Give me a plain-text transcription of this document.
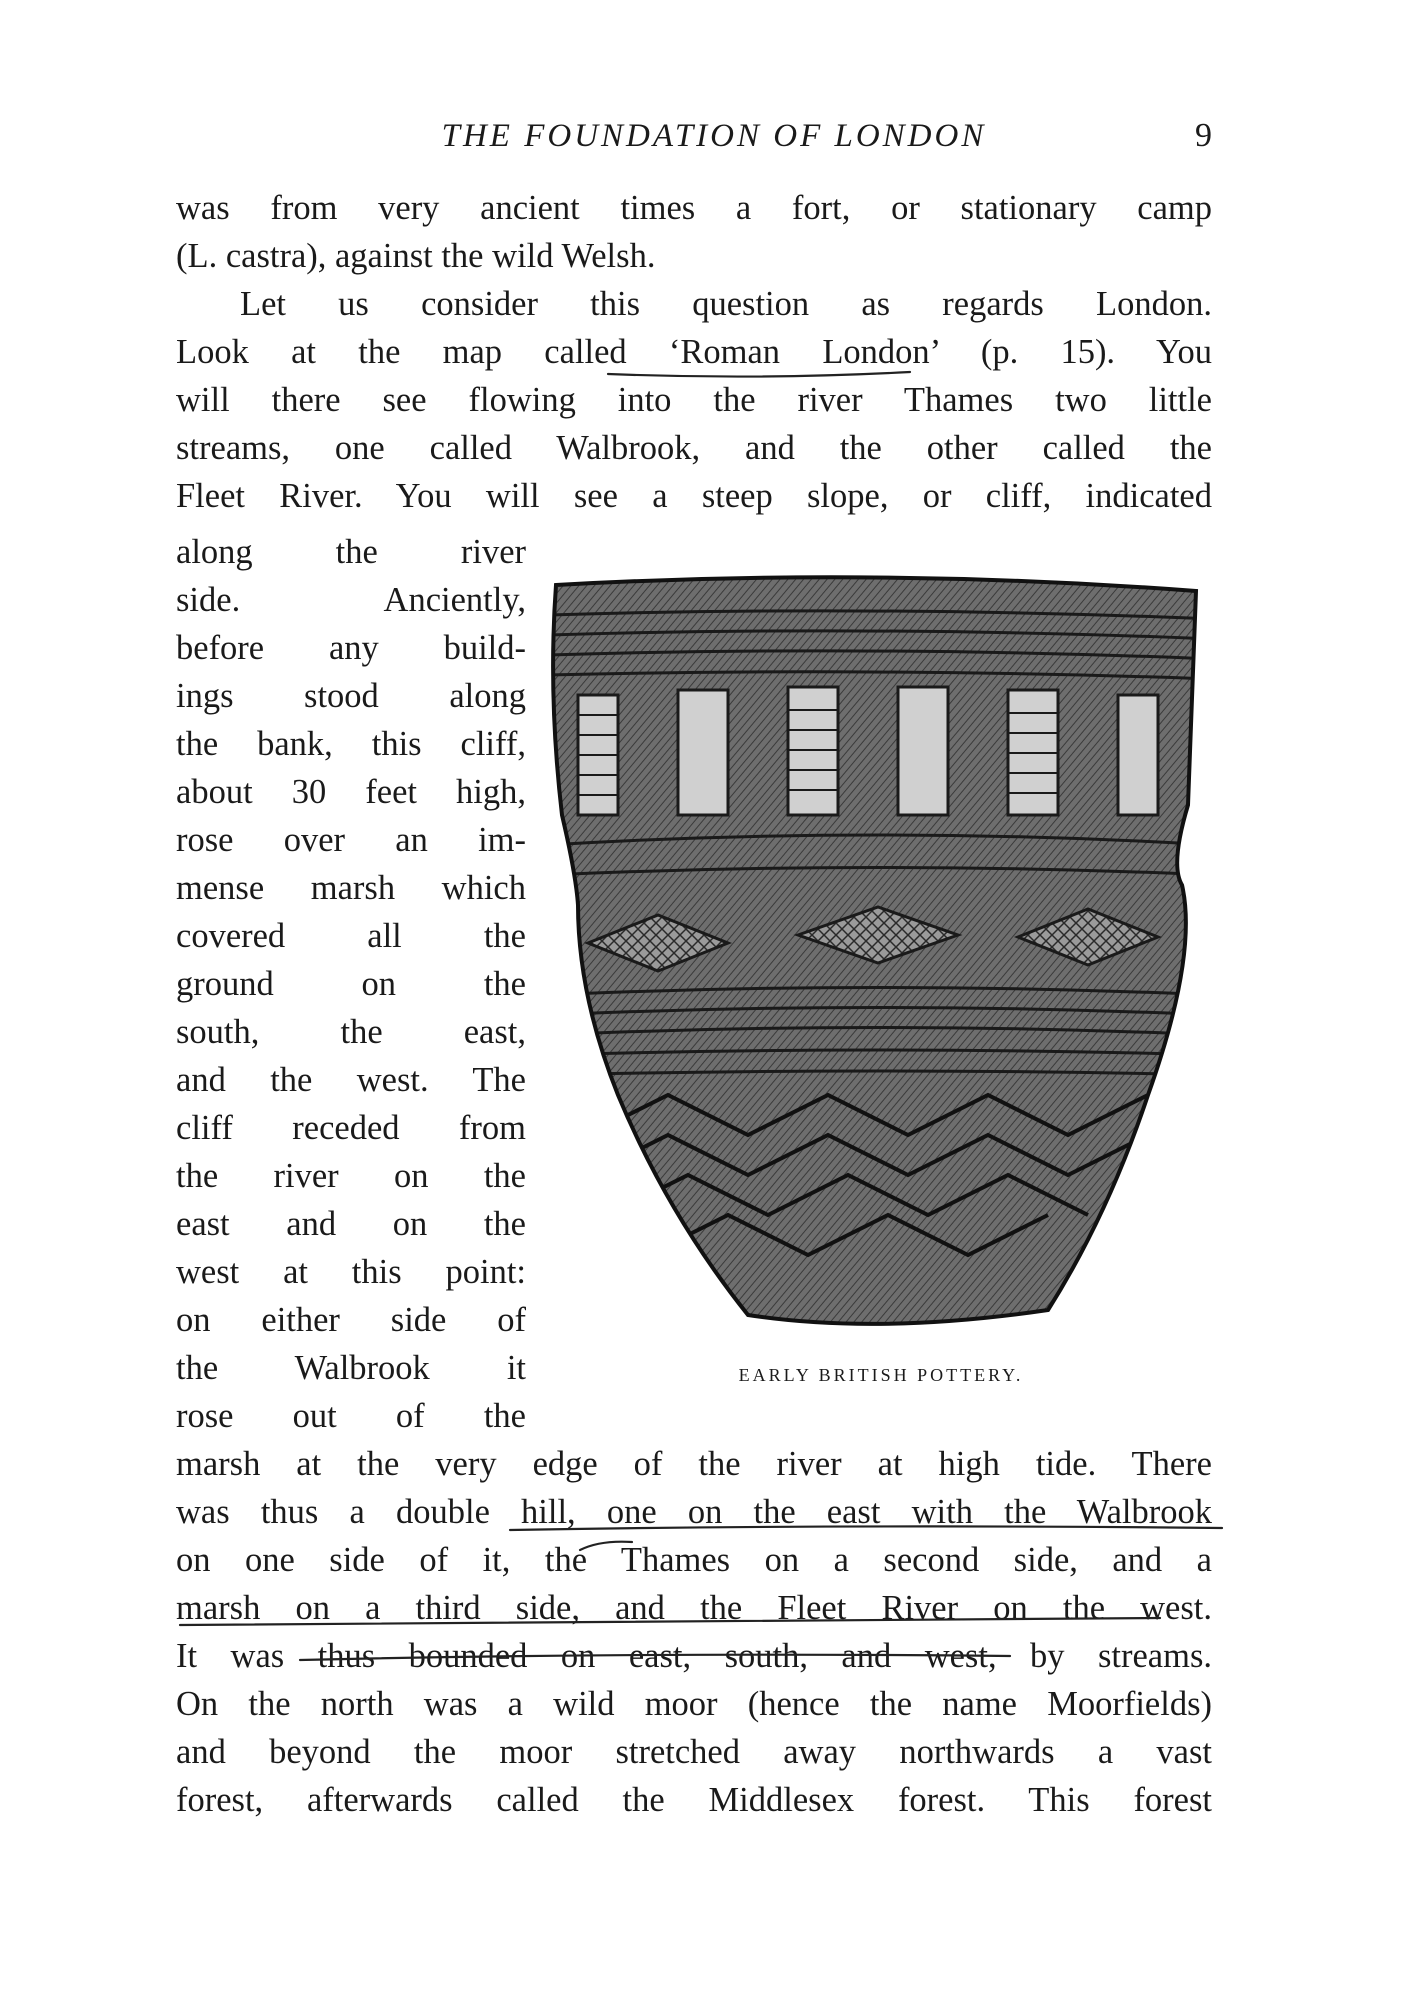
THE FOUNDATION OF LONDON	9
was from very ancient times a fort, or stationary camp
(L. castra), against the wild Welsh.
Let us consider this question as regards London.
Look at the map called ‘Roman London’ (p. 15). You
will there see flowing into the river Thames two little
streams, one called Walbrook, and the other called the
Fleet River. You will see a steep slope, or cliff, indicated
along the river
side. Anciently,
before any build-
ings stood along
the bank, this cliff,
about 30 feet high,
rose over an im-
mense marsh which
covered all the
ground on the
south, the east,
and the west. The
cliff receded from
the river on the
east and on the
west at this point:
on either side of
the Walbrook it
rose out of the
EARLY BRITISH POTTERY.
marsh at the very edge of the river at high tide. There
was thus a double hill, one on the east with the Walbrook
on one side of it, the Thames on a second side, and a
marsh on a third side, and the Fleet River on the west.
It was thus bounded on east, south, and west, by streams.
On the north was a wild moor (hence the name Moorfields)
and beyond the moor stretched away northwards a vast
forest, afterwards called the Middlesex forest. This forest
